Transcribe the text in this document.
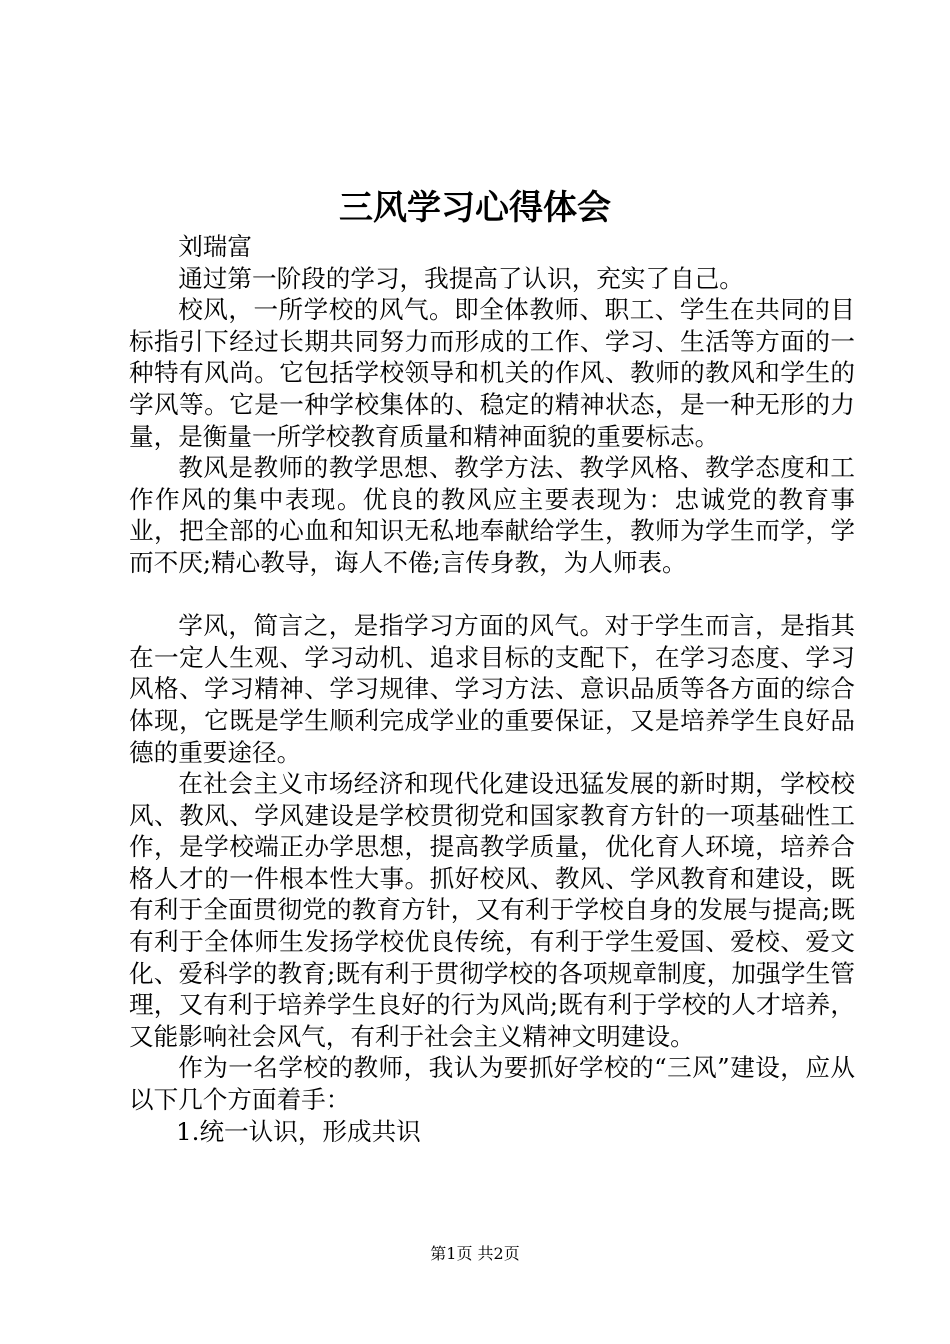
三风学习心得体会

刘瑞富

通过第一阶段的学习，我提高了认识，充实了自己。

校风，一所学校的风气。即全体教师、职工、学生在共同的目标指引下经过长期共同努力而形成的工作、学习、生活等方面的一种特有风尚。它包括学校领导和机关的作风、教师的教风和学生的学风等。它是一种学校集体的、稳定的精神状态，是一种无形的力量，是衡量一所学校教育质量和精神面貌的重要标志。

教风是教师的教学思想、教学方法、教学风格、教学态度和工作作风的集中表现。优良的教风应主要表现为：忠诚党的教育事业，把全部的心血和知识无私地奉献给学生，教师为学生而学，学而不厌;精心教导，诲人不倦;言传身教，为人师表。

学风，简言之，是指学习方面的风气。对于学生而言，是指其在一定人生观、学习动机、追求目标的支配下，在学习态度、学习风格、学习精神、学习规律、学习方法、意识品质等各方面的综合体现，它既是学生顺利完成学业的重要保证，又是培养学生良好品德的重要途径。

在社会主义市场经济和现代化建设迅猛发展的新时期，学校校风、教风、学风建设是学校贯彻党和国家教育方针的一项基础性工作，是学校端正办学思想，提高教学质量，优化育人环境，培养合格人才的一件根本性大事。抓好校风、教风、学风教育和建设，既有利于全面贯彻党的教育方针，又有利于学校自身的发展与提高;既有利于全体师生发扬学校优良传统，有利于学生爱国、爱校、爱文化、爱科学的教育;既有利于贯彻学校的各项规章制度，加强学生管理，又有利于培养学生良好的行为风尚;既有利于学校的人才培养，又能影响社会风气，有利于社会主义精神文明建设。

作为一名学校的教师，我认为要抓好学校的“三风”建设，应从以下几个方面着手：

1.统一认识，形成共识

第1页 共2页
